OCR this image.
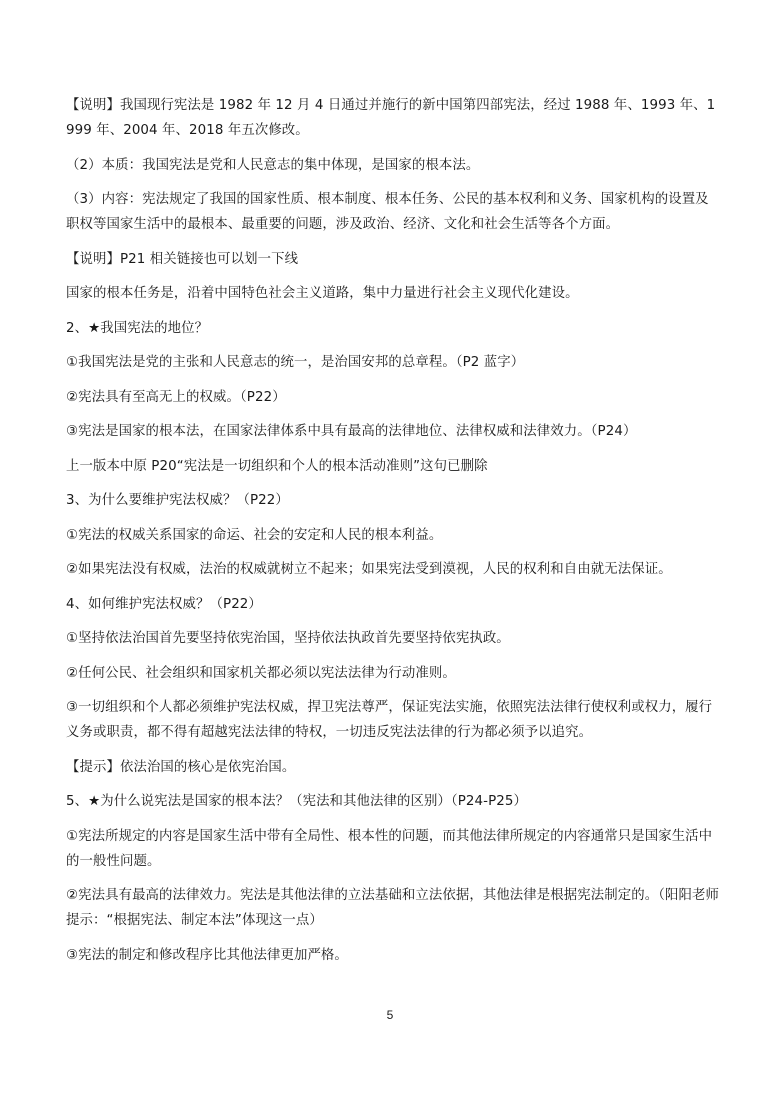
【说明】我国现行宪法是 1982 年 12 月 4 日通过并施行的新中国第四部宪法，经过 1988 年、1993 年、1999 年、2004 年、2018 年五次修改。

（2）本质：我国宪法是党和人民意志的集中体现，是国家的根本法。

（3）内容：宪法规定了我国的国家性质、根本制度、根本任务、公民的基本权利和义务、国家机构的设置及职权等国家生活中的最根本、最重要的问题，涉及政治、经济、文化和社会生活等各个方面。

【说明】P21 相关链接也可以划一下线

国家的根本任务是，沿着中国特色社会主义道路，集中力量进行社会主义现代化建设。

2、★我国宪法的地位？

①我国宪法是党的主张和人民意志的统一，是治国安邦的总章程。（P2 蓝字）

②宪法具有至高无上的权威。（P22）

③宪法是国家的根本法，在国家法律体系中具有最高的法律地位、法律权威和法律效力。（P24）

上一版本中原 P20“宪法是一切组织和个人的根本活动准则”这句已删除

3、为什么要维护宪法权威？（P22）

①宪法的权威关系国家的命运、社会的安定和人民的根本利益。

②如果宪法没有权威，法治的权威就树立不起来；如果宪法受到漠视，人民的权利和自由就无法保证。

4、如何维护宪法权威？（P22）

①坚持依法治国首先要坚持依宪治国，坚持依法执政首先要坚持依宪执政。

②任何公民、社会组织和国家机关都必须以宪法法律为行动准则。

③一切组织和个人都必须维护宪法权威，捍卫宪法尊严，保证宪法实施，依照宪法法律行使权利或权力，履行义务或职责，都不得有超越宪法法律的特权，一切违反宪法法律的行为都必须予以追究。

【提示】依法治国的核心是依宪治国。

5、★为什么说宪法是国家的根本法？（宪法和其他法律的区别）（P24-P25）

①宪法所规定的内容是国家生活中带有全局性、根本性的问题，而其他法律所规定的内容通常只是国家生活中的一般性问题。

②宪法具有最高的法律效力。宪法是其他法律的立法基础和立法依据，其他法律是根据宪法制定的。（阳阳老师提示：“根据宪法、制定本法”体现这一点）

③宪法的制定和修改程序比其他法律更加严格。

5
